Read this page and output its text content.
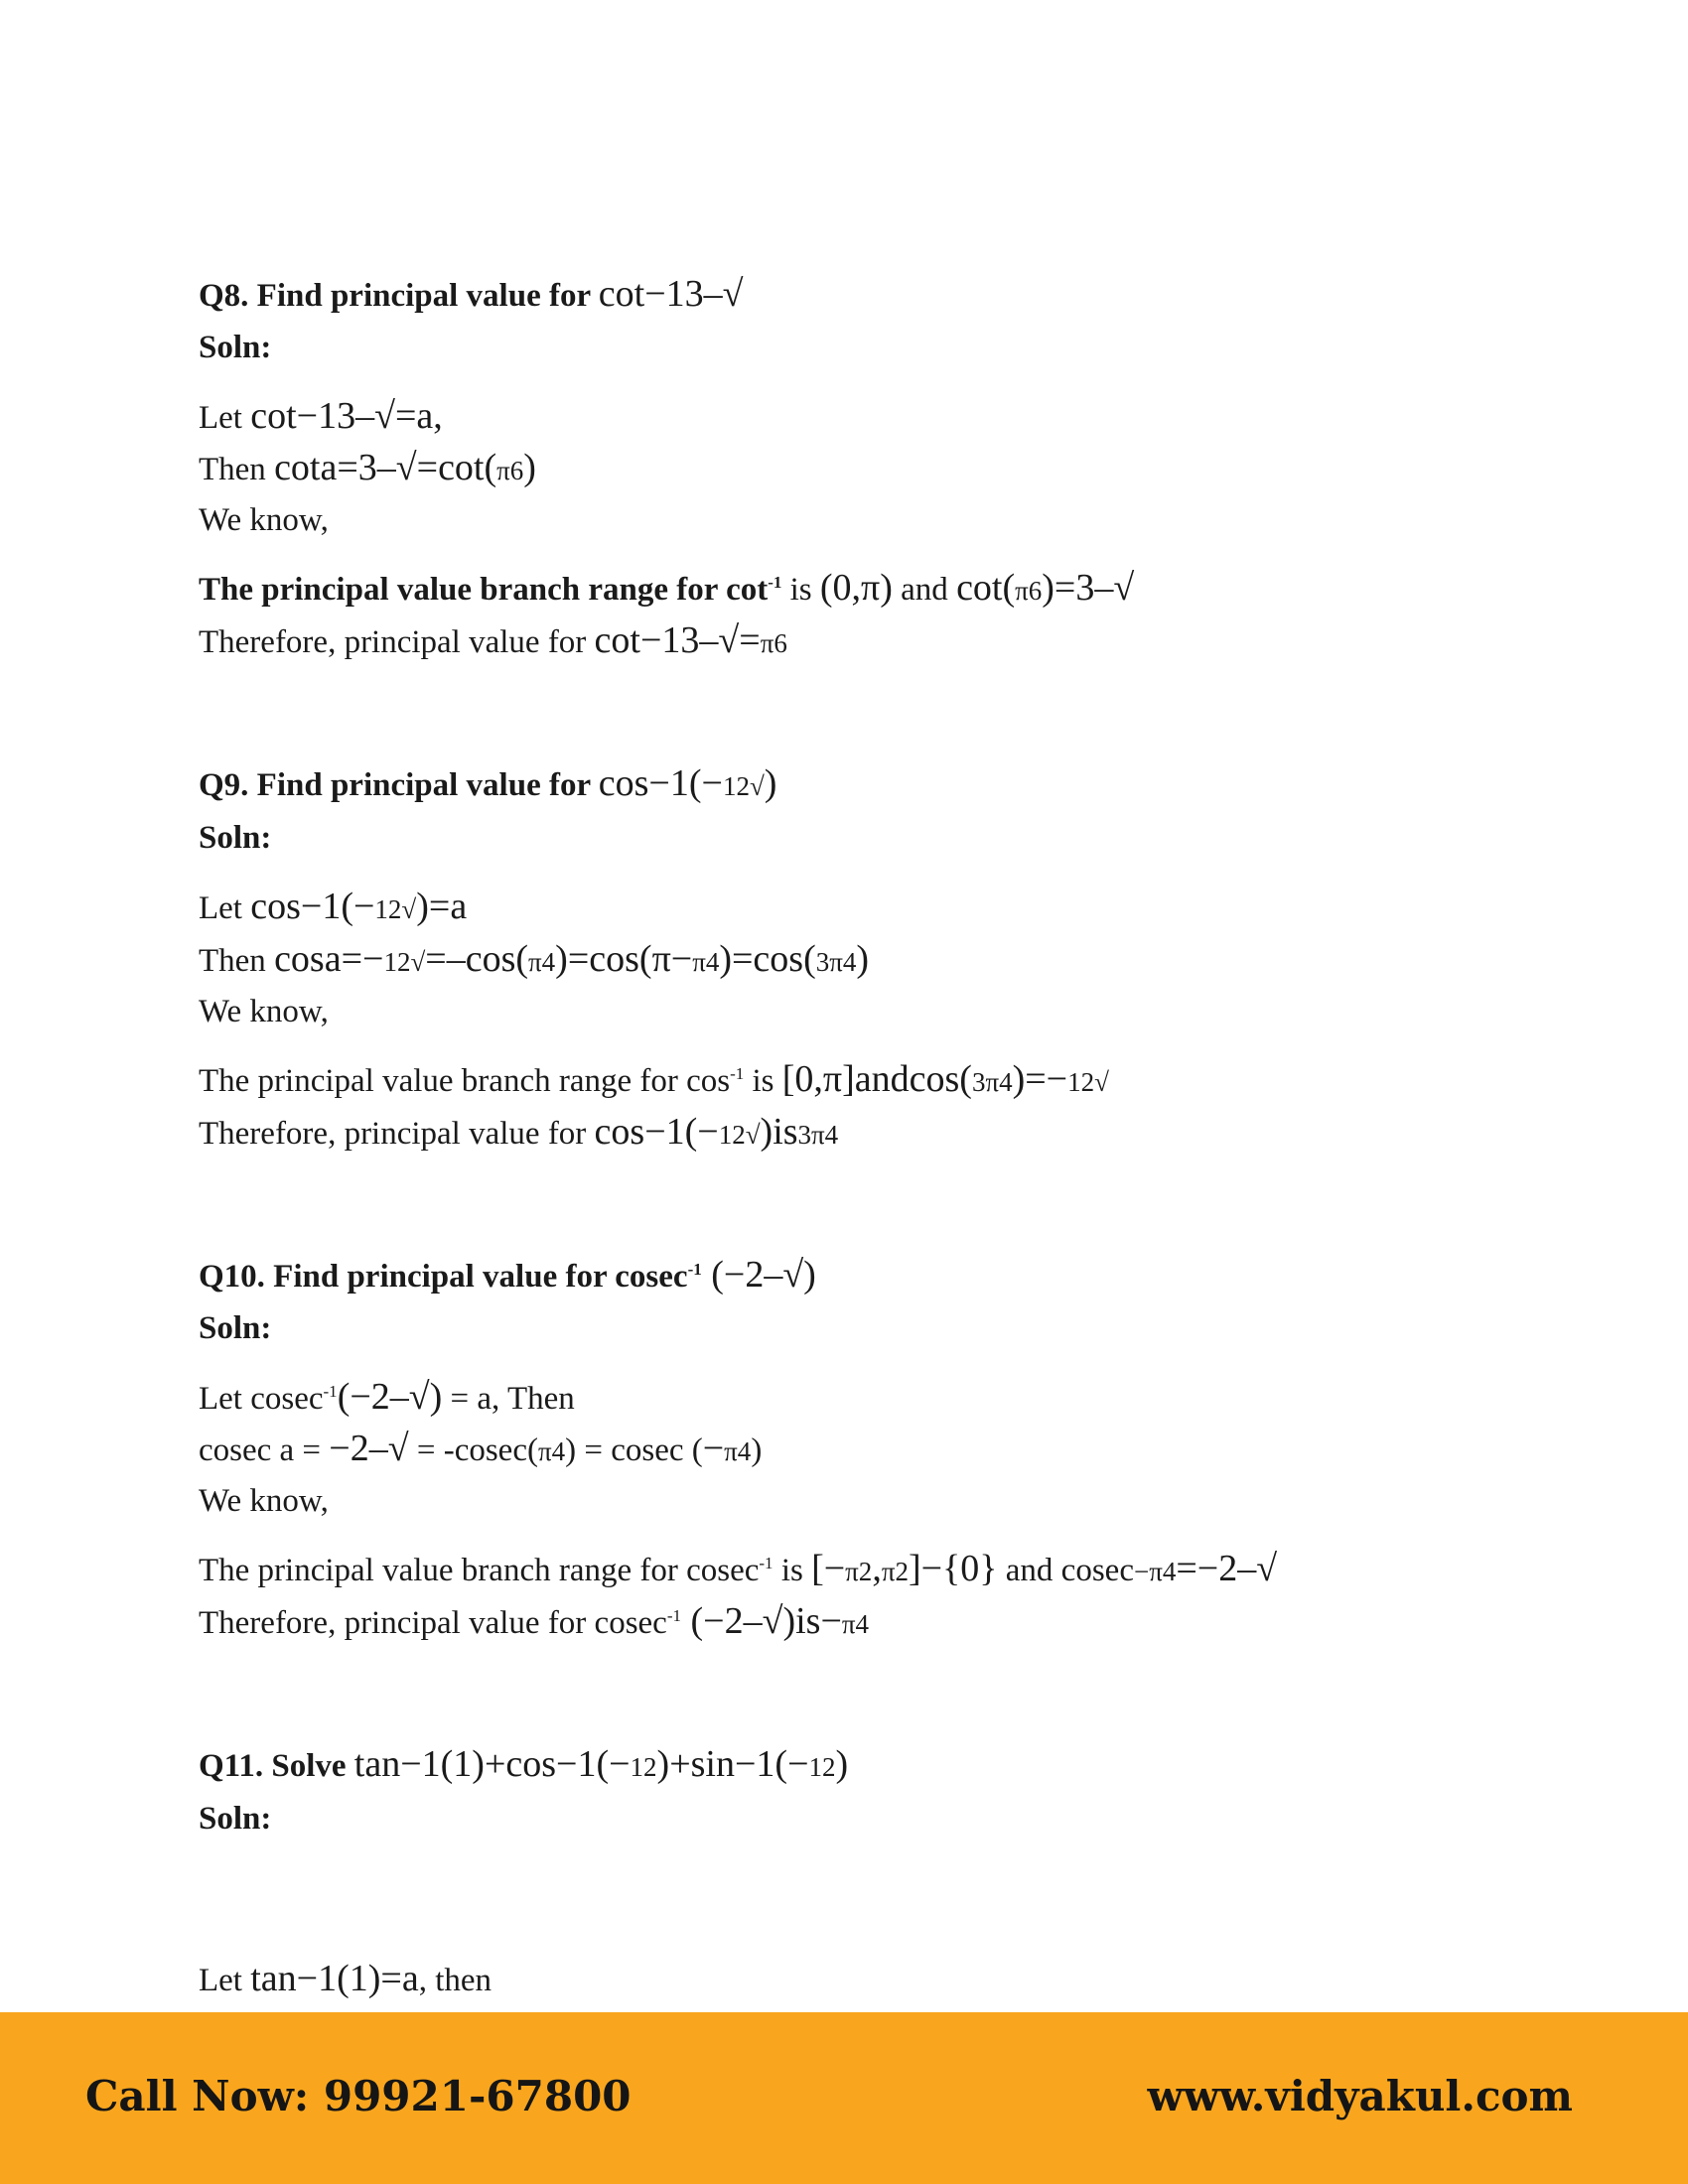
Q8. Find principal value for cot−13–√
Soln:
Let cot−13–√=a,
Then cota=3–√=cot(π6)
We know,
The principal value branch range for $\cot^{-1}$ is (0,π) and cot(π6)=3–√
Therefore, principal value for cot−13–√=π6
Q9. Find principal value for cos−1(−12√)
Soln:
Let cos−1(−12√)=a
Then cosa=−12√=–cos(π4)=cos(π−π4)=cos(3π4)
We know,
The principal value branch range for $\cos^{-1}$ is [0,π]andcos(3π4)=−12√
Therefore, principal value for cos−1(−12√)is3π4
Q10. Find principal value for cosec$^{-1}$ (−2–√)
Soln:
Let cosec$^{-1}$(−2–√) = a, Then
cosec a = −2–√ = -cosec(π4) = cosec (−π4)
We know,
The principal value branch range for cosec$^{-1}$ is [−π2,π2]−{0} and cosec−π4=−2–√
Therefore, principal value for cosec$^{-1}$ (−2–√)is−π4
Q11. Solve tan−1(1)+cos−1(−12)+sin−1(−12)
Soln:
Let tan−1(1)=a, then
Call Now: 99921-67800	www.vidyakul.com
